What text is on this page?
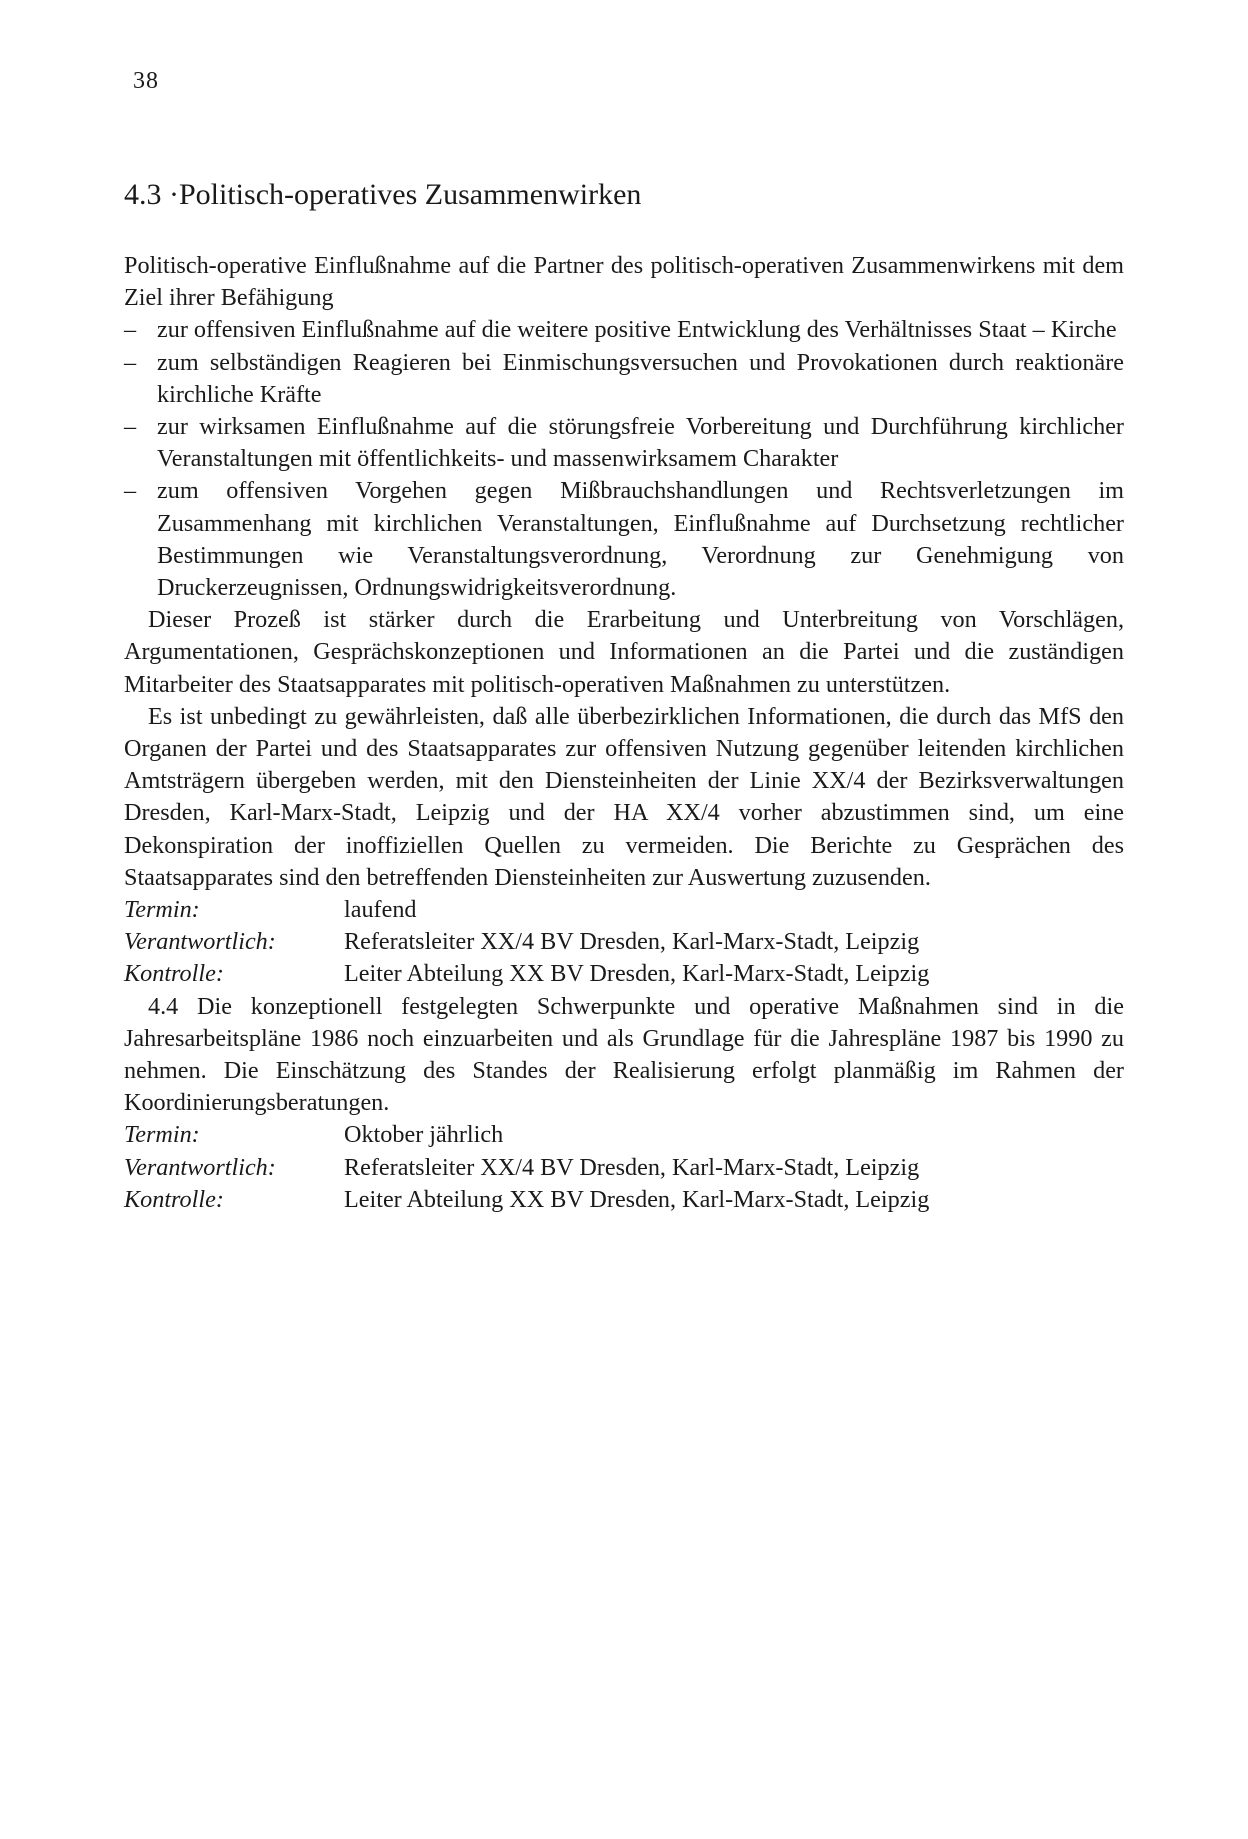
38
4.3 ·Politisch-operatives Zusammenwirken

Politisch-operative Einflußnahme auf die Partner des politisch-operativen Zusammenwirkens mit dem Ziel ihrer Befähigung

– zur offensiven Einflußnahme auf die weitere positive Entwicklung des Verhältnisses Staat – Kirche
– zum selbständigen Reagieren bei Einmischungsversuchen und Provokationen durch reaktionäre kirchliche Kräfte
– zur wirksamen Einflußnahme auf die störungsfreie Vorbereitung und Durchführung kirchlicher Veranstaltungen mit öffentlichkeits- und massenwirksamem Charakter
– zum offensiven Vorgehen gegen Mißbrauchshandlungen und Rechtsverletzungen im Zusammenhang mit kirchlichen Veranstaltungen, Einflußnahme auf Durchsetzung rechtlicher Bestimmungen wie Veranstaltungsverordnung, Verordnung zur Genehmigung von Druckerzeugnissen, Ordnungswidrigkeitsverordnung.

Dieser Prozeß ist stärker durch die Erarbeitung und Unterbreitung von Vorschlägen, Argumentationen, Gesprächskonzeptionen und Informationen an die Partei und die zuständigen Mitarbeiter des Staatsapparates mit politisch-operativen Maßnahmen zu unterstützen.

Es ist unbedingt zu gewährleisten, daß alle überbezirklichen Informationen, die durch das MfS den Organen der Partei und des Staatsapparates zur offensiven Nutzung gegenüber leitenden kirchlichen Amtsträgern übergeben werden, mit den Diensteinheiten der Linie XX/4 der Bezirksverwaltungen Dresden, Karl-Marx-Stadt, Leipzig und der HA XX/4 vorher abzustimmen sind, um eine Dekonspiration der inoffiziellen Quellen zu vermeiden. Die Berichte zu Gesprächen des Staatsapparates sind den betreffenden Diensteinheiten zur Auswertung zuzusenden.

Termin:	laufend
Verantwortlich:	Referatsleiter XX/4 BV Dresden, Karl-Marx-Stadt, Leipzig
Kontrolle:	Leiter Abteilung XX BV Dresden, Karl-Marx-Stadt, Leipzig

4.4 Die konzeptionell festgelegten Schwerpunkte und operative Maßnahmen sind in die Jahresarbeitspläne 1986 noch einzuarbeiten und als Grundlage für die Jahrespläne 1987 bis 1990 zu nehmen. Die Einschätzung des Standes der Realisierung erfolgt planmäßig im Rahmen der Koordinierungsberatungen.

Termin:	Oktober jährlich
Verantwortlich:	Referatsleiter XX/4 BV Dresden, Karl-Marx-Stadt, Leipzig
Kontrolle:	Leiter Abteilung XX BV Dresden, Karl-Marx-Stadt, Leipzig
